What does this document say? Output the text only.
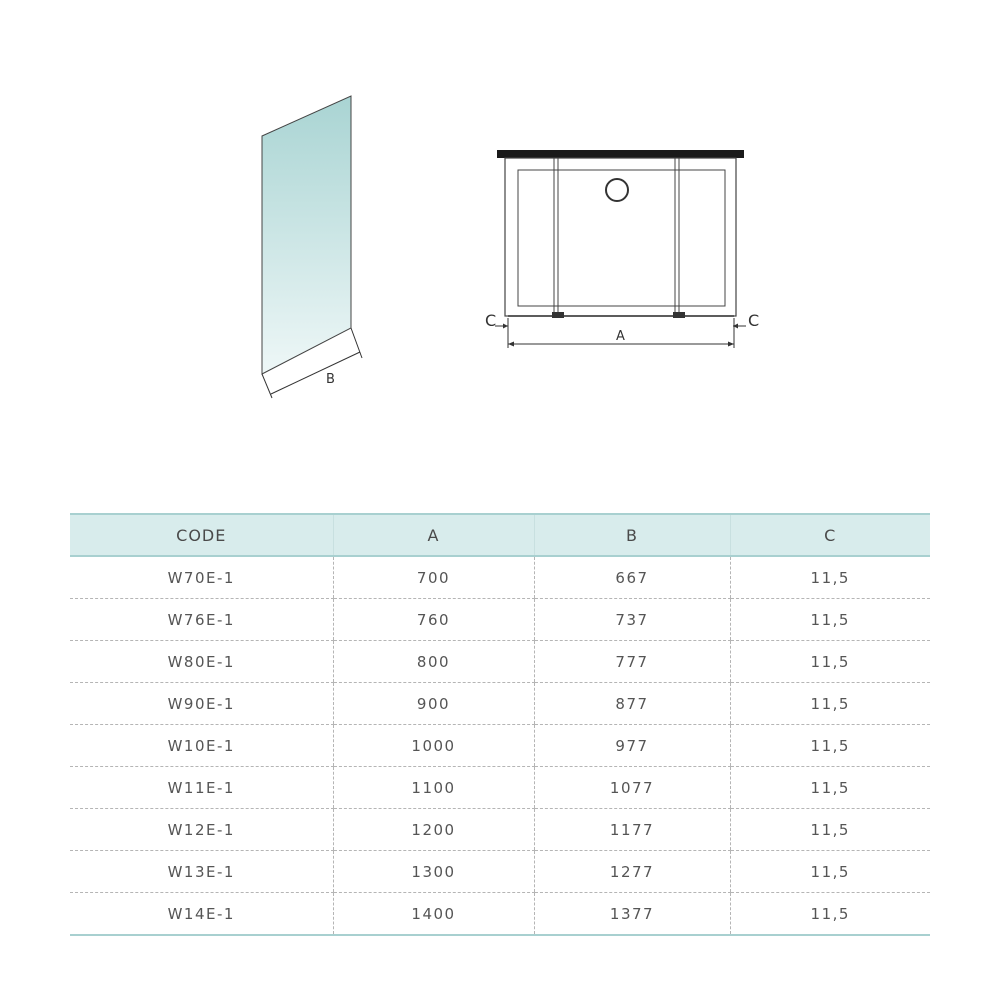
B
C	C
A
CODE	A	B	C
W70E-1	700	667	11,5
W76E-1	760	737	11,5
W80E-1	800	777	11,5
W90E-1	900	877	11,5
W10E-1	1000	977	11,5
W11E-1	1100	1077	11,5
W12E-1	1200	1177	11,5
W13E-1	1300	1277	11,5
W14E-1	1400	1377	11,5
